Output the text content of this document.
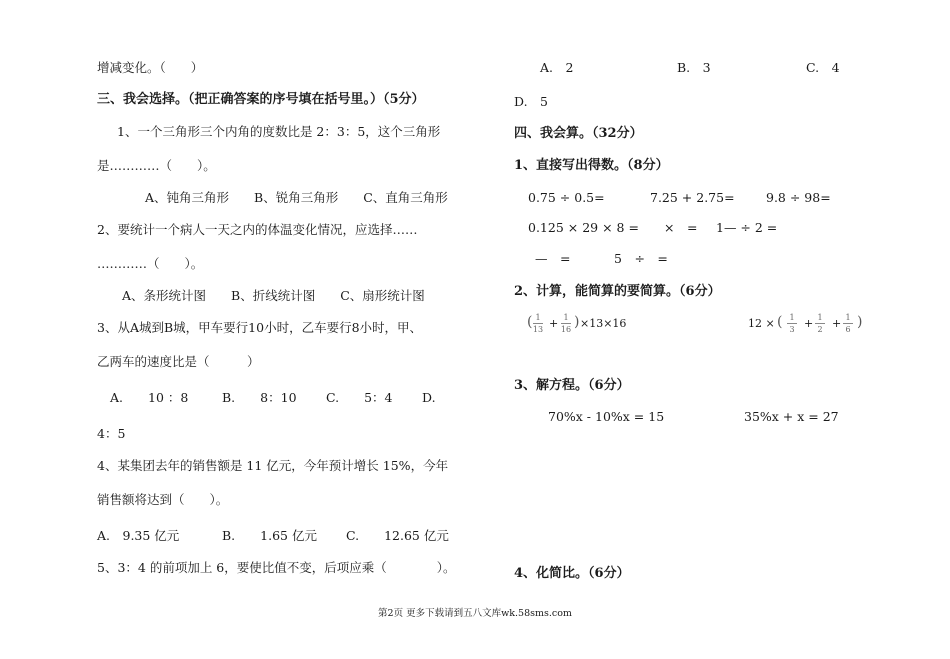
增减变化。（　　）
三、我会选择。（把正确答案的序号填在括号里。）（5分）
1、一个三角形三个内角的度数比是 2：3：5，这个三角形
是…………（　　）。
A、钝角三角形　　B、锐角三角形　　C、直角三角形
2、要统计一个病人一天之内的体温变化情况，应选择……
…………（　　）。
A、条形统计图　　B、折线统计图　　C、扇形统计图
3、从A城到B城，甲车要行10小时，乙车要行8小时，甲、
乙两车的速度比是（　　　）
A.　　10 ：8	B.　　8：10 C.　　5：4 D.
4：5
4、某集团去年的销售额是 11 亿元，今年预计增长 15%，今年
销售额将达到（　　）。
A.　9.35 亿元	B.　　1.65 亿元 C.　　12.65 亿元
5、3：4 的前项加上 6，要使比值不变，后项应乘（　　　　）。
A.　2	B.　3	C.　4
D.　5
四、我会算。（32分）
1、直接写出得数。（8分）
0.75 ÷ 0.5=	7.25 + 2.75=	9.8 ÷ 98=
0.125 × 29 × 8 = ×　= 1— ÷ 2 =
—　=	5　÷　=
2、计算，能简算的要简算。（6分）
( 1
13 + 1
16 ) ×13×16	12 × ( 1
3 + 1
2 + 1
6 )
3、解方程。（6分）
70%x - 10%x = 15	35%x + x = 27
4、化简比。（6分）
第2页 更多下载请到五八文库wk.58sms.com
